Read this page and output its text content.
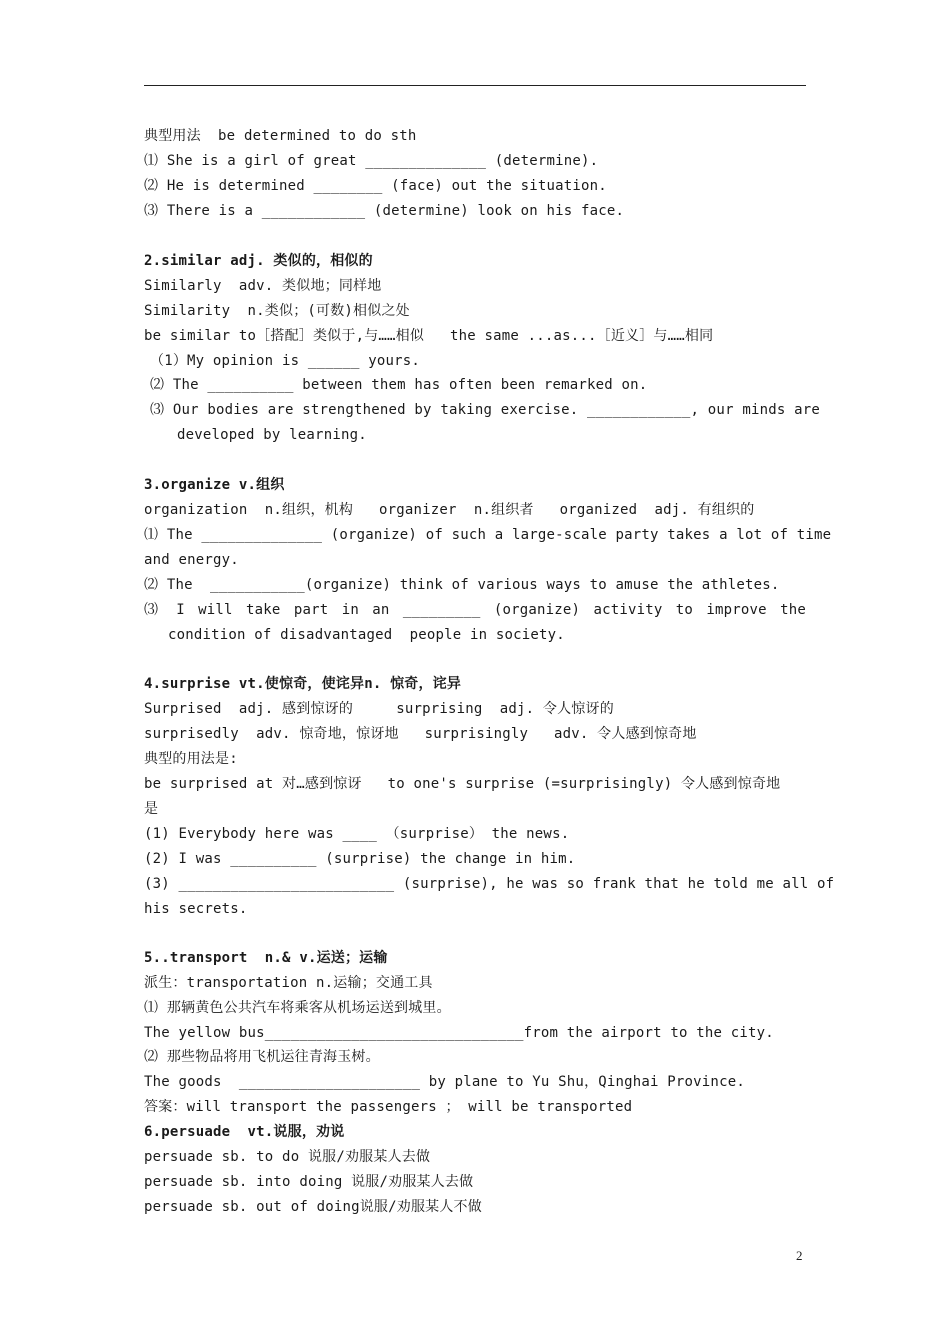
典型用法  be determined to do sth
⑴ She is a girl of great ______________ (determine).
⑵ He is determined ________ (face) out the situation.
⑶ There is a ____________ (determine) look on his face.
2.similar adj. 类似的，相似的
Similarly  adv. 类似地；同样地
Similarity  n.类似；(可数)相似之处
be similar to［搭配］类似于,与……相似   the same ...as...［近义］与……相同
（1）My opinion is ______ yours.
⑵ The __________ between them has often been remarked on.
⑶ Our bodies are strengthened by taking exercise. ____________, our minds are
developed by learning.
3.organize v.组织
organization  n.组织，机构   organizer  n.组织者   organized  adj. 有组织的
⑴ The ______________ (organize) of such a large-scale party takes a lot of time
and energy.
⑵ The  ___________(organize) think of various ways to amuse the athletes.
⑶ I will take part in an _________ (organize) activity to improve the
condition of disadvantaged  people in society.
4.surprise vt.使惊奇，使诧异n. 惊奇，诧异
Surprised  adj. 感到惊讶的     surprising  adj. 令人惊讶的
surprisedly  adv. 惊奇地，惊讶地   surprisingly   adv. 令人感到惊奇地
典型的用法是:
be surprised at 对…感到惊讶   to one's surprise (=surprisingly) 令人感到惊奇地
是
(1) Everybody here was ____ （surprise） the news.
(2) I was __________ (surprise) the change in him.
(3) _________________________ (surprise), he was so frank that he told me all of
his secrets.
5..transport  n.& v.运送；运输
派生：transportation n.运输；交通工具
⑴ 那辆黄色公共汽车将乘客从机场运送到城里。
The yellow bus______________________________from the airport to the city.
⑵ 那些物品将用飞机运往青海玉树。
The goods  _____________________ by plane to Yu Shu，Qinghai Province.
答案：will transport the passengers ； will be transported
6.persuade  vt.说服，劝说
persuade sb. to do 说服/劝服某人去做
persuade sb. into doing 说服/劝服某人去做
persuade sb. out of doing说服/劝服某人不做
2
